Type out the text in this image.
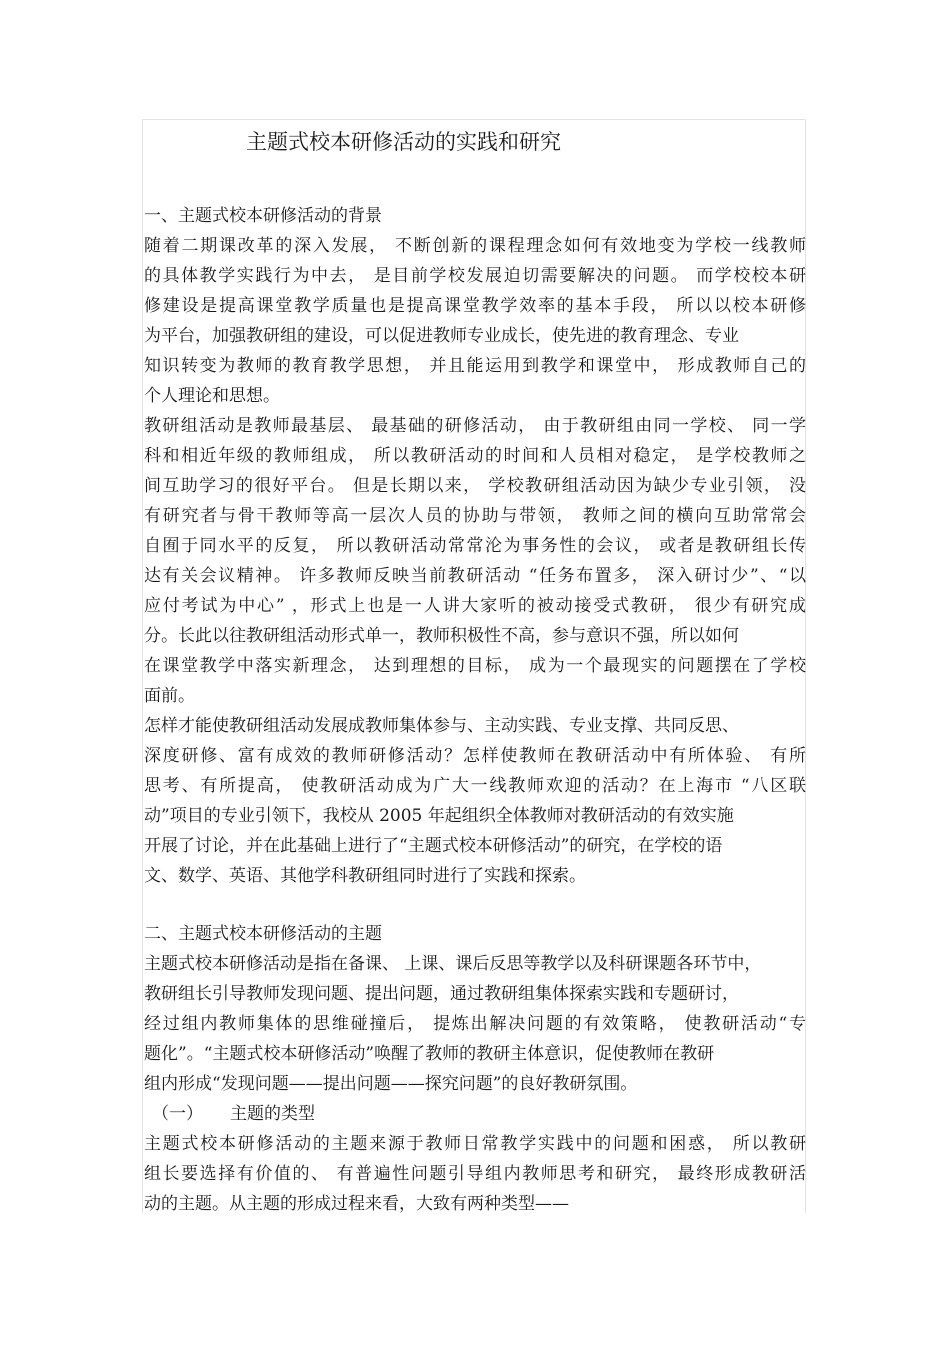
主题式校本研修活动的实践和研究
一、主题式校本研修活动的背景
随着二期课改革的深入发展， 不断创新的课程理念如何有效地变为学校一线教师
的具体教学实践行为中去， 是目前学校发展迫切需要解决的问题。 而学校校本研
修建设是提高课堂教学质量也是提高课堂教学效率的基本手段， 所以以校本研修
为平台，加强教研组的建设，可以促进教师专业成长，使先进的教育理念、专业
知识转变为教师的教育教学思想， 并且能运用到教学和课堂中， 形成教师自己的
个人理论和思想。
教研组活动是教师最基层、 最基础的研修活动， 由于教研组由同一学校、 同一学
科和相近年级的教师组成， 所以教研活动的时间和人员相对稳定， 是学校教师之
间互助学习的很好平台。 但是长期以来， 学校教研组活动因为缺少专业引领， 没
有研究者与骨干教师等高一层次人员的协助与带领， 教师之间的横向互助常常会
自囿于同水平的反复， 所以教研活动常常沦为事务性的会议， 或者是教研组长传
达有关会议精神。 许多教师反映当前教研活动 “任务布置多， 深入研讨少”、“以
应付考试为中心” ，形式上也是一人讲大家听的被动接受式教研， 很少有研究成
分。长此以往教研组活动形式单一，教师积极性不高，参与意识不强，所以如何
在课堂教学中落实新理念， 达到理想的目标， 成为一个最现实的问题摆在了学校
面前。
怎样才能使教研组活动发展成教师集体参与、主动实践、专业支撑、共同反思、
深度研修、富有成效的教师研修活动？怎样使教师在教研活动中有所体验、 有所
思考、有所提高， 使教研活动成为广大一线教师欢迎的活动？在上海市 “八区联
动”项目的专业引领下，我校从 2005 年起组织全体教师对教研活动的有效实施
开展了讨论，并在此基础上进行了“主题式校本研修活动”的研究，在学校的语
文、数学、英语、其他学科教研组同时进行了实践和探索。
二、主题式校本研修活动的主题
主题式校本研修活动是指在备课、 上课、课后反思等教学以及科研课题各环节中，
教研组长引导教师发现问题、提出问题，通过教研组集体探索实践和专题研讨，
经过组内教师集体的思维碰撞后， 提炼出解决问题的有效策略， 使教研活动“专
题化”。“主题式校本研修活动”唤醒了教师的教研主体意识，促使教师在教研
组内形成“发现问题——提出问题——探究问题”的良好教研氛围。
（一） 主题的类型
主题式校本研修活动的主题来源于教师日常教学实践中的问题和困惑， 所以教研
组长要选择有价值的、 有普遍性问题引导组内教师思考和研究， 最终形成教研活
动的主题。从主题的形成过程来看，大致有两种类型——
